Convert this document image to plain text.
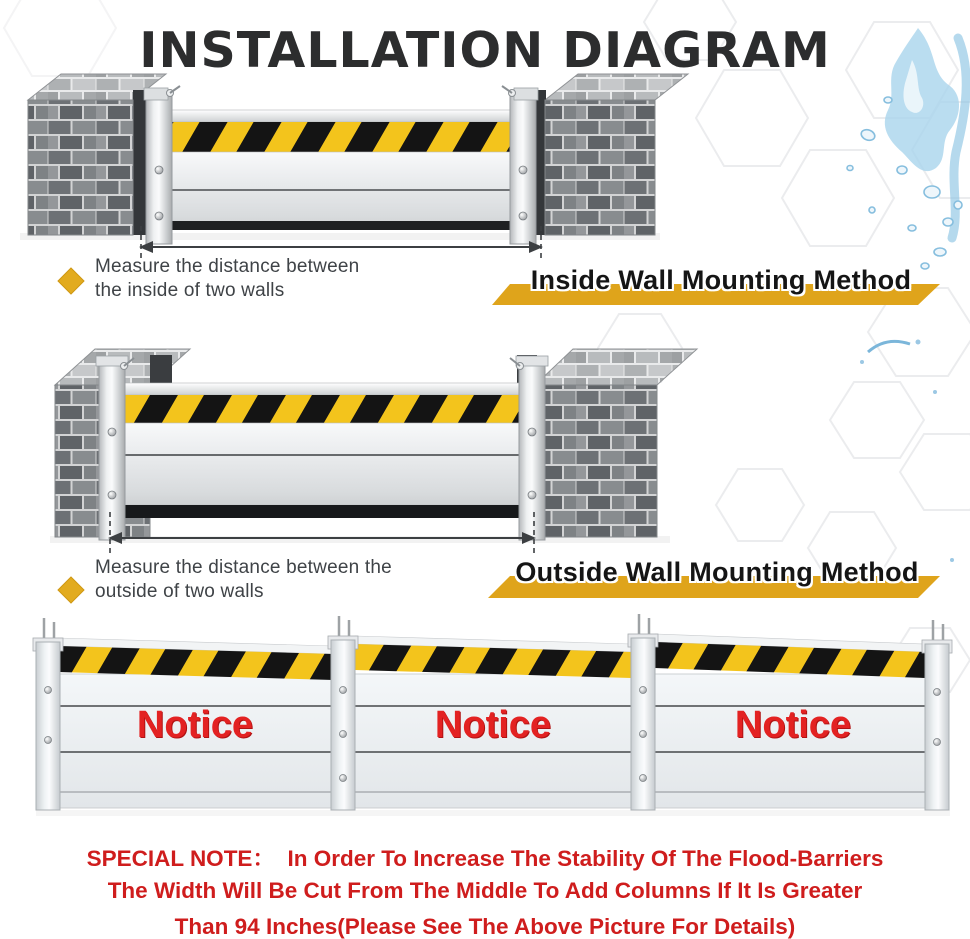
INSTALLATION DIAGRAM
Measure the distance between
the inside of two walls	Inside Wall Mounting Method
Measure the distance between the
outside of two walls
Outside Wall Mounting Method
Notice	Notice	Notice
SPECIAL NOTE：  In Order To Increase The Stability Of The Flood-Barriers
The Width Will Be Cut From The Middle To Add Columns If It Is Greater
Than 94 Inches(Please See The Above Picture For Details)
